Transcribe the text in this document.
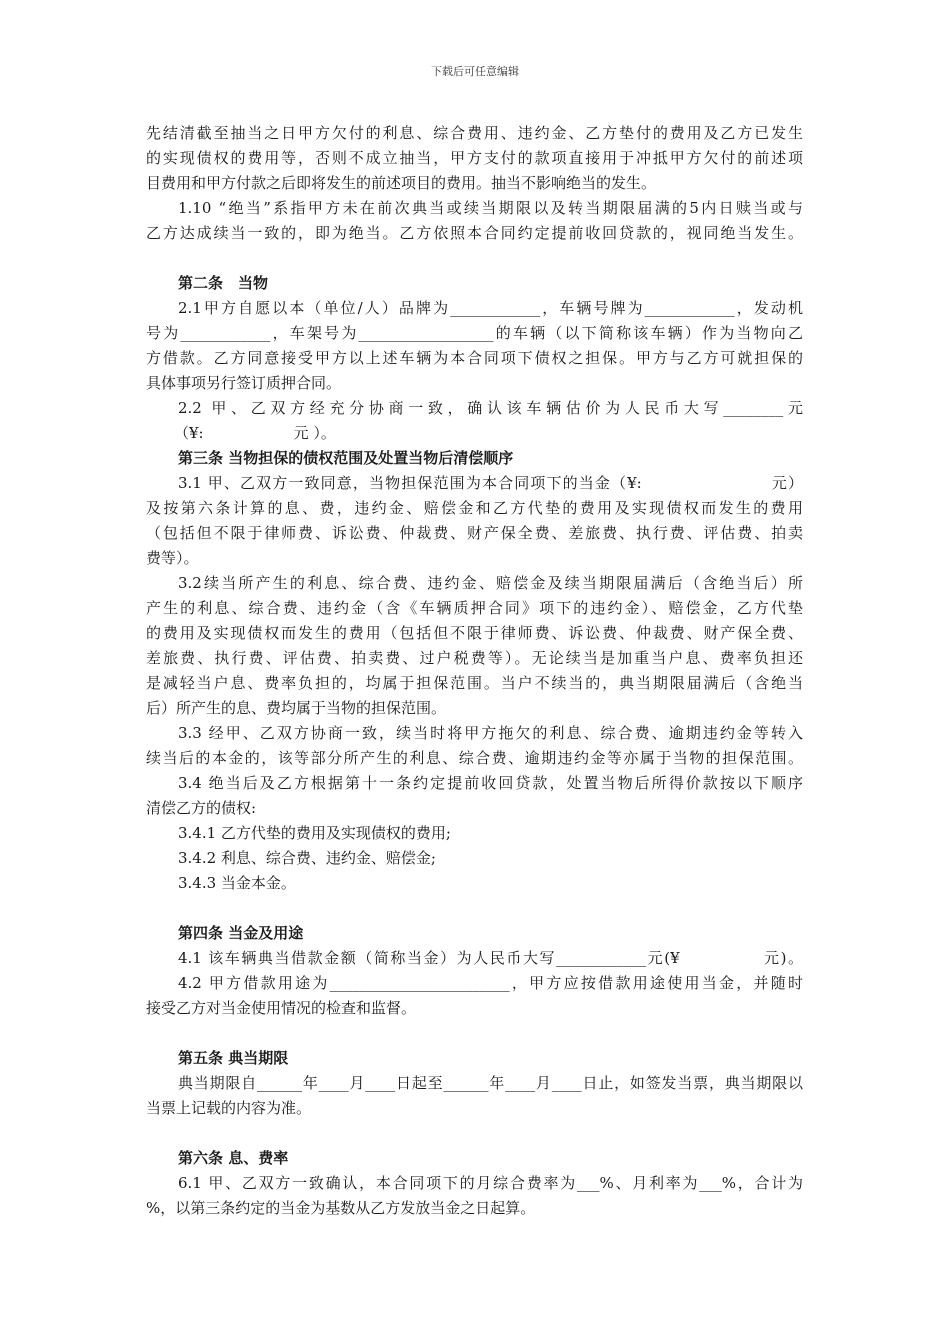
下载后可任意编辑
先结清截至抽当之日甲方欠付的利息、综合费用、违约金、乙方垫付的费用及乙方已发生
的实现债权的费用等，否则不成立抽当，甲方支付的款项直接用于冲抵甲方欠付的前述项
目费用和甲方付款之后即将发生的前述项目的费用。抽当不影响绝当的发生。
1.10 “绝当”系指甲方未在前次典当或续当期限以及转当期限届满的5内日赎当或与
乙方达成续当一致的，即为绝当。乙方依照本合同约定提前收回贷款的，视同绝当发生。
第二条　当物
2.1甲方自愿以本（单位/人）品牌为____________，车辆号牌为____________，发动机
号为____________，车架号为__________________的车辆（以下简称该车辆）作为当物向乙
方借款。乙方同意接受甲方以上述车辆为本合同项下债权之担保。甲方与乙方可就担保的
具体事项另行签订质押合同。
2.2 甲、乙双方经充分协商一致，确认该车辆估价为人民币大写________元
（¥:　　　　　　元 ）。
第三条 当物担保的债权范围及处置当物后清偿顺序
3.1 甲、乙双方一致同意，当物担保范围为本合同项下的当金（¥:　　　　　　　　元）
及按第六条计算的息、费，违约金、赔偿金和乙方代垫的费用及实现债权而发生的费用
（包括但不限于律师费、诉讼费、仲裁费、财产保全费、差旅费、执行费、评估费、拍卖
费等）。
3.2续当所产生的利息、综合费、违约金、赔偿金及续当期限届满后（含绝当后）所
产生的利息、综合费、违约金（含《车辆质押合同》项下的违约金）、赔偿金，乙方代垫
的费用及实现债权而发生的费用（包括但不限于律师费、诉讼费、仲裁费、财产保全费、
差旅费、执行费、评估费、拍卖费、过户税费等）。无论续当是加重当户息、费率负担还
是减轻当户息、费率负担的，均属于担保范围。当户不续当的，典当期限届满后（含绝当
后）所产生的息、费均属于当物的担保范围。
3.3 经甲、乙双方协商一致，续当时将甲方拖欠的利息、综合费、逾期违约金等转入
续当后的本金的，该等部分所产生的利息、综合费、逾期违约金等亦属于当物的担保范围。
3.4 绝当后及乙方根据第十一条约定提前收回贷款，处置当物后所得价款按以下顺序
清偿乙方的债权:
3.4.1 乙方代垫的费用及实现债权的费用;
3.4.2 利息、综合费、违约金、赔偿金;
3.4.3 当金本金。
第四条 当金及用途
4.1 该车辆典当借款金额（简称当金）为人民币大写____________元(¥　　　　　元)。
4.2 甲方借款用途为________________________，甲方应按借款用途使用当金，并随时
接受乙方对当金使用情况的检查和监督。
第五条 典当期限
典当期限自______年____月____日起至______年____月____日止，如签发当票，典当期限以
当票上记载的内容为准。
第六条 息、费率
6.1 甲、乙双方一致确认，本合同项下的月综合费率为___%、月利率为___%，合计为
%，以第三条约定的当金为基数从乙方发放当金之日起算。
